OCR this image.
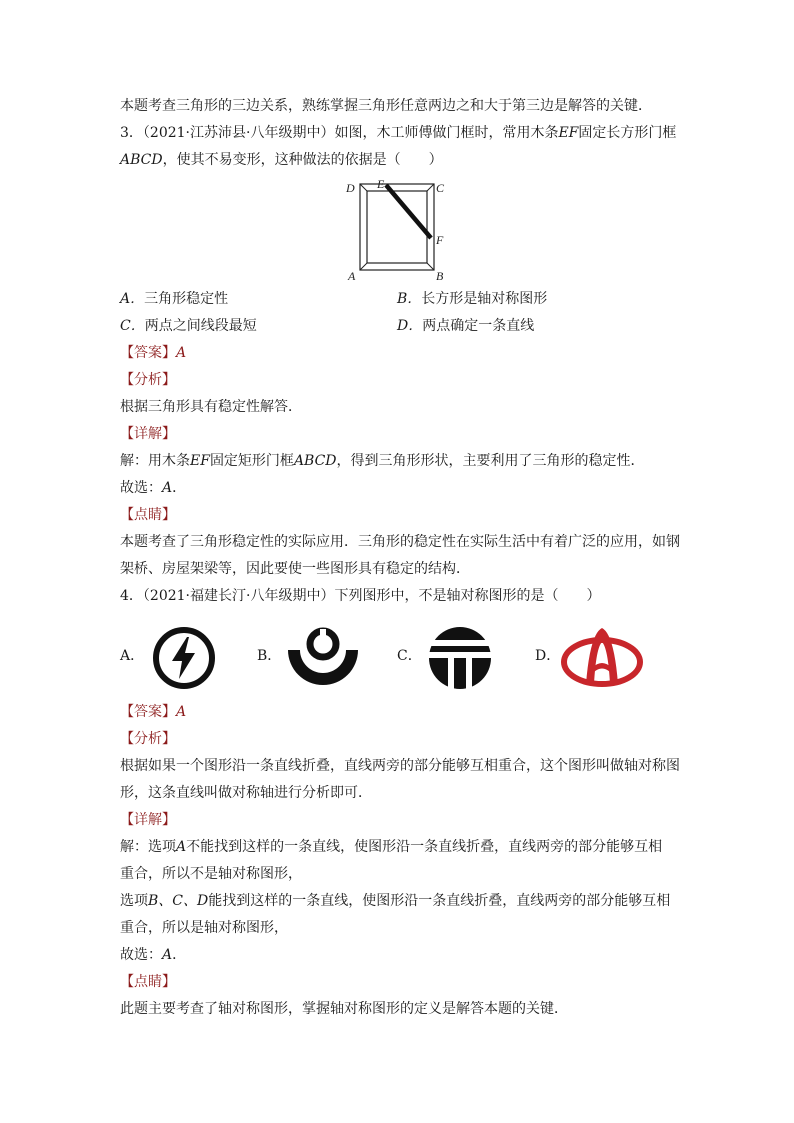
本题考查三角形的三边关系，熟练掌握三角形任意两边之和大于第三边是解答的关键．
3．（2021·江苏沛县·八年级期中）如图，木工师傅做门框时，常用木条EF固定长方形门框
ABCD，使其不易变形，这种做法的依据是（　　）
D E	C
F
A	B
A．三角形稳定性	B．长方形是轴对称图形
C．两点之间线段最短	D．两点确定一条直线
【答案】A
【分析】
根据三角形具有稳定性解答．
【详解】
解：用木条EF固定矩形门框ABCD，得到三角形形状，主要利用了三角形的稳定性．
故选：A．
【点睛】
本题考查了三角形稳定性的实际应用．三角形的稳定性在实际生活中有着广泛的应用，如钢
架桥、房屋架梁等，因此要使一些图形具有稳定的结构．
4．（2021·福建长汀·八年级期中）下列图形中，不是轴对称图形的是（　　）
A．	B．	C．	D．
【答案】A
【分析】
根据如果一个图形沿一条直线折叠，直线两旁的部分能够互相重合，这个图形叫做轴对称图
形，这条直线叫做对称轴进行分析即可．
【详解】
解：选项A不能找到这样的一条直线，使图形沿一条直线折叠，直线两旁的部分能够互相
重合，所以不是轴对称图形，
选项B、C、D能找到这样的一条直线，使图形沿一条直线折叠，直线两旁的部分能够互相
重合，所以是轴对称图形，
故选：A．
【点睛】
此题主要考查了轴对称图形，掌握轴对称图形的定义是解答本题的关键．
